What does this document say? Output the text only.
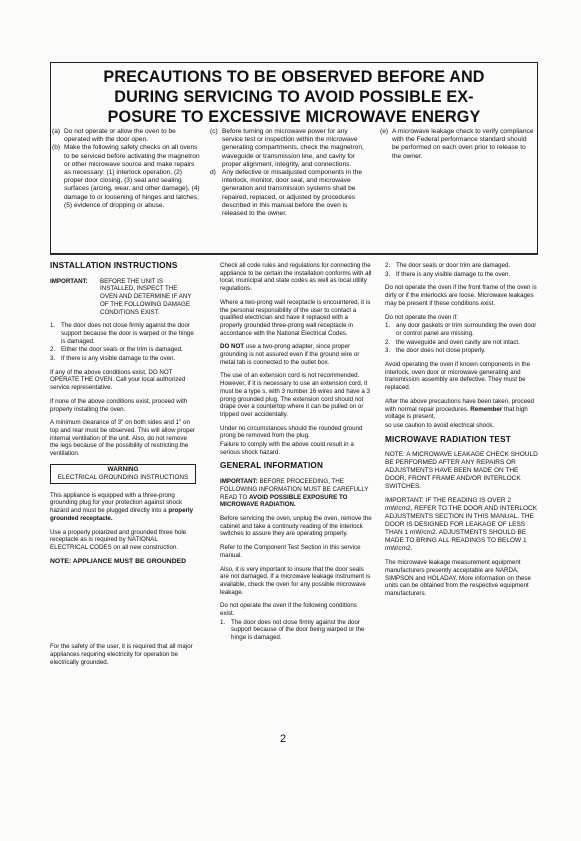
PRECAUTIONS TO BE OBSERVED BEFORE AND
DURING SERVICING TO AVOID POSSIBLE EX-
POSURE TO EXCESSIVE MICROWAVE ENERGY
(a) Do not operate or allow the oven to be operated with the door open.
(b) Make the following safety checks on all ovens to be serviced before activating the magnetron or other microwave source and make repairs as necessary: (1) interlock operation, (2) proper door closing, (3) seal and sealing surfaces (arcing, wear, and other damage), (4) damage to or loosening of hinges and latches, (5) evidence of dropping or abuse.
(c) Before turning on microwave power for any service test or inspection within the microwave generating compartments, check the magnetron, waveguide or transmission line, and cavity for proper alignment, integrity, and connections.
d) Any defective or misadjusted components in the interlock, monitor, door seal, and microwave generation and transmission systems shall be repaired, replaced, or adjusted by procedures described in this manual before the oven is released to the owner.
(e) A microwave leakage check to verify compliance with the Federal performance standard should be performed on each oven prior to release to the owner.
INSTALLATION INSTRUCTIONS
IMPORTANT:	BEFORE THE UNIT IS INSTALLED, INSPECT THE OVEN AND DETERMINE IF ANY OF THE FOLLOWING DAMAGE CONDITIONS EXIST.
1. The door does not close firmly against the door support because the door is warped or the hinge is damaged.
2. Either the door seals or the trim is damaged.
3. If there is any visible damage to the oven.

If any of the above conditions exist, DO NOT OPERATE THE OVEN. Call your local authorized service representative.

If none of the above conditions exist, proceed with properly installing the oven.

A minimum clearance of 3" on both sides and 1" on top and rear must be observed. This will allow proper internal ventilation of the unit. Also, do not remove the legs because of the possibility of restricting the ventilation.

WARNING
ELECTRICAL GROUNDING INSTRUCTIONS

This appliance is equipped with a three-prong grounding plug for your protection against shock hazard and must be plugged directly into a properly grounded receptacle.

Use a properly polarized and grounded three hole receptacle as is required by NATIONAL ELECTRICAL CODES on all new construction.

NOTE: APPLIANCE MUST BE GROUNDED

For the safety of the user, it is required that all major appliances requiring electricity for operation be electrically grounded.

Check all code rules and regulations for connecting the appliance to be certain the installation conforms with all local, municipal and state codes as well as local utility regulations.

Where a two-prong wall receptacle is encountered, it is the personal responsibility of the user to contact a qualified electrician and have it replaced with a properly grounded three-prong wall receptacle in accordance with the National Electrical Codes.

DO NOT use a two-prong adapter, since proper grounding is not assured even if the ground wire or metal tab is connected to the outlet box.

The use of an extension cord is not recommended. However, if it is necessary to use an extension cord, it must be a type s, with 3 number 16 wires and have a 3 prong grounded plug. The extension cord should not drape over a countertop where it can be pulled on or tripped over accidentally.

Under no circumstances should the rounded ground prong be removed from the plug.

Failure to comply with the above could result in a serious shock hazard.

GENERAL INFORMATION

IMPORTANT: BEFORE PROCEEDING, THE FOLLOWING INFORMATION MUST BE CAREFULLY READ TO AVOID POSSIBLE EXPOSURE TO MICROWAVE RADIATION.

Before servicing the oven, unplug the oven, remove the cabinet and take a continuity reading of the interlock switches to assure they are operating properly.

Refer to the Component Test Section in this service manual.

Also, it is very important to insure that the door seals are not damaged. If a microwave leakage instrument is available, check the oven for any possible microwave leakage.

Do not operate the oven if the following conditions exist.

1. The door does not close firmly against the door support because of the door being warped or the hinge is damaged.
2. The door seals or door trim are damaged.
3. If there is any visible damage to the oven.

Do not operate the oven if the front frame of the oven is dirty or if the interlocks are loose. Microwave leakages may be present if these conditions exist.

Do not operate the oven if:

1. any door gaskets or trim surrounding the oven door or control panel are missing.
2. the waveguide and oven cavity are not intact.
3. the door does not close properly.

Avoid operating the oven if known components in the interlock, oven door or microwave generating and transmission assembly are defective. They must be replaced.

After the above precautions have been taken, proceed with normal repair procedures. Remember that high voltage is present,

so use caution to avoid electrical shock.

MICROWAVE RADIATION TEST

NOTE: A MICROWAVE LEAKAGE CHECK SHOULD BE PERFORMED AFTER ANY REPAIRS OR ADJUSTMENTS HAVE BEEN MADE ON THE DOOR, FRONT FRAME AND/OR INTERLOCK SWITCHES.

IMPORTANT: IF THE READING IS OVER 2 mW/cm2, REFER TO THE DOOR AND INTERLOCK ADJUSTMENTS SECTION IN THIS MANUAL. THE DOOR IS DESIGNED FOR LEAKAGE OF LESS THAN 1 mW/cm2. ADJUSTMENTS SHOULD BE MADE TO BRING ALL READINGS TO BELOW 1 mW/cm2.

The microwave leakage measurement equipment manufacturers presently acceptable are NARDA, SIMPSON and HOLADAY. More information on these units can be obtained from the respective equipment manufacturers.

2
